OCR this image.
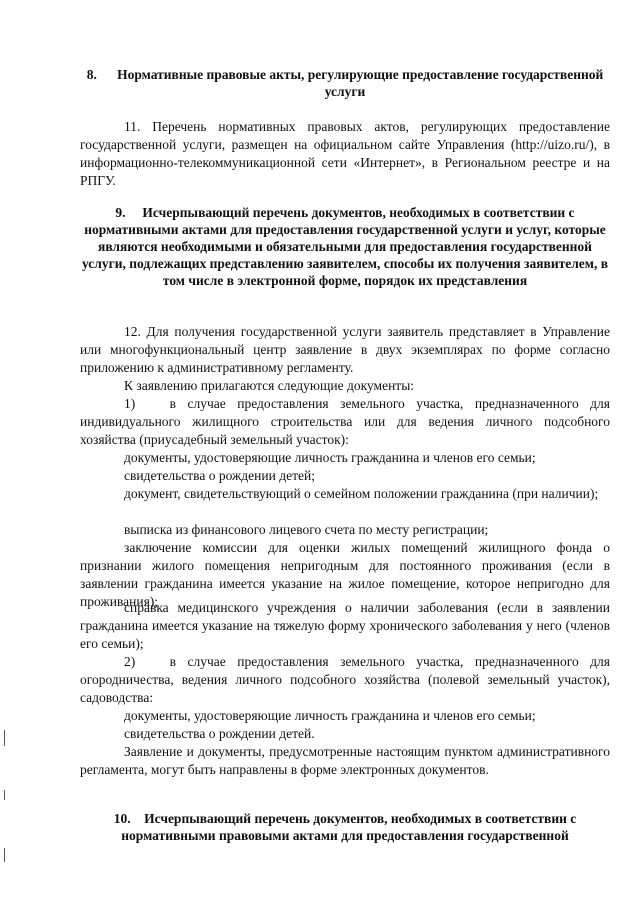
8.      Нормативные правовые акты, регулирующие предоставление государственной услуги

11. Перечень нормативных правовых актов, регулирующих предоставление государственной услуги, размещен на официальном сайте Управления (http://uizo.ru/), в информационно-телекоммуникационной сети «Интернет», в Региональном реестре и на РПГУ.

9.     Исчерпывающий перечень документов, необходимых в соответствии с нормативными актами для предоставления государственной услуги и услуг, которые являются необходимыми и обязательными для предоставления государственной услуги, подлежащих представлению заявителем, способы их получения заявителем, в том числе в электронной форме, порядок их представления

12. Для получения государственной услуги заявитель представляет в Управление или многофункциональный центр заявление в двух экземплярах по форме согласно приложению к административному регламенту.

К заявлению прилагаются следующие документы:

1)   в случае предоставления земельного участка, предназначенного для индивидуального жилищного строительства или для ведения личного подсобного хозяйства (приусадебный земельный участок):

документы, удостоверяющие личность гражданина и членов его семьи;

свидетельства о рождении детей;

документ, свидетельствующий о семейном положении гражданина (при наличии);

выписка из финансового лицевого счета по месту регистрации;

заключение комиссии для оценки жилых помещений жилищного фонда о признании жилого помещения непригодным для постоянного проживания (если в заявлении гражданина имеется указание на жилое помещение, которое непригодно для проживания);

справка медицинского учреждения о наличии заболевания (если в заявлении гражданина имеется указание на тяжелую форму хронического заболевания у него (членов его семьи);

2)   в случае предоставления земельного участка, предназначенного для огородничества, ведения личного подсобного хозяйства (полевой земельный участок), садоводства:

документы, удостоверяющие личность гражданина и членов его семьи;

свидетельства о рождении детей.

Заявление и документы, предусмотренные настоящим пунктом административного регламента, могут быть направлены в форме электронных документов.

10.    Исчерпывающий перечень документов, необходимых в соответствии с нормативными правовыми актами для предоставления государственной
